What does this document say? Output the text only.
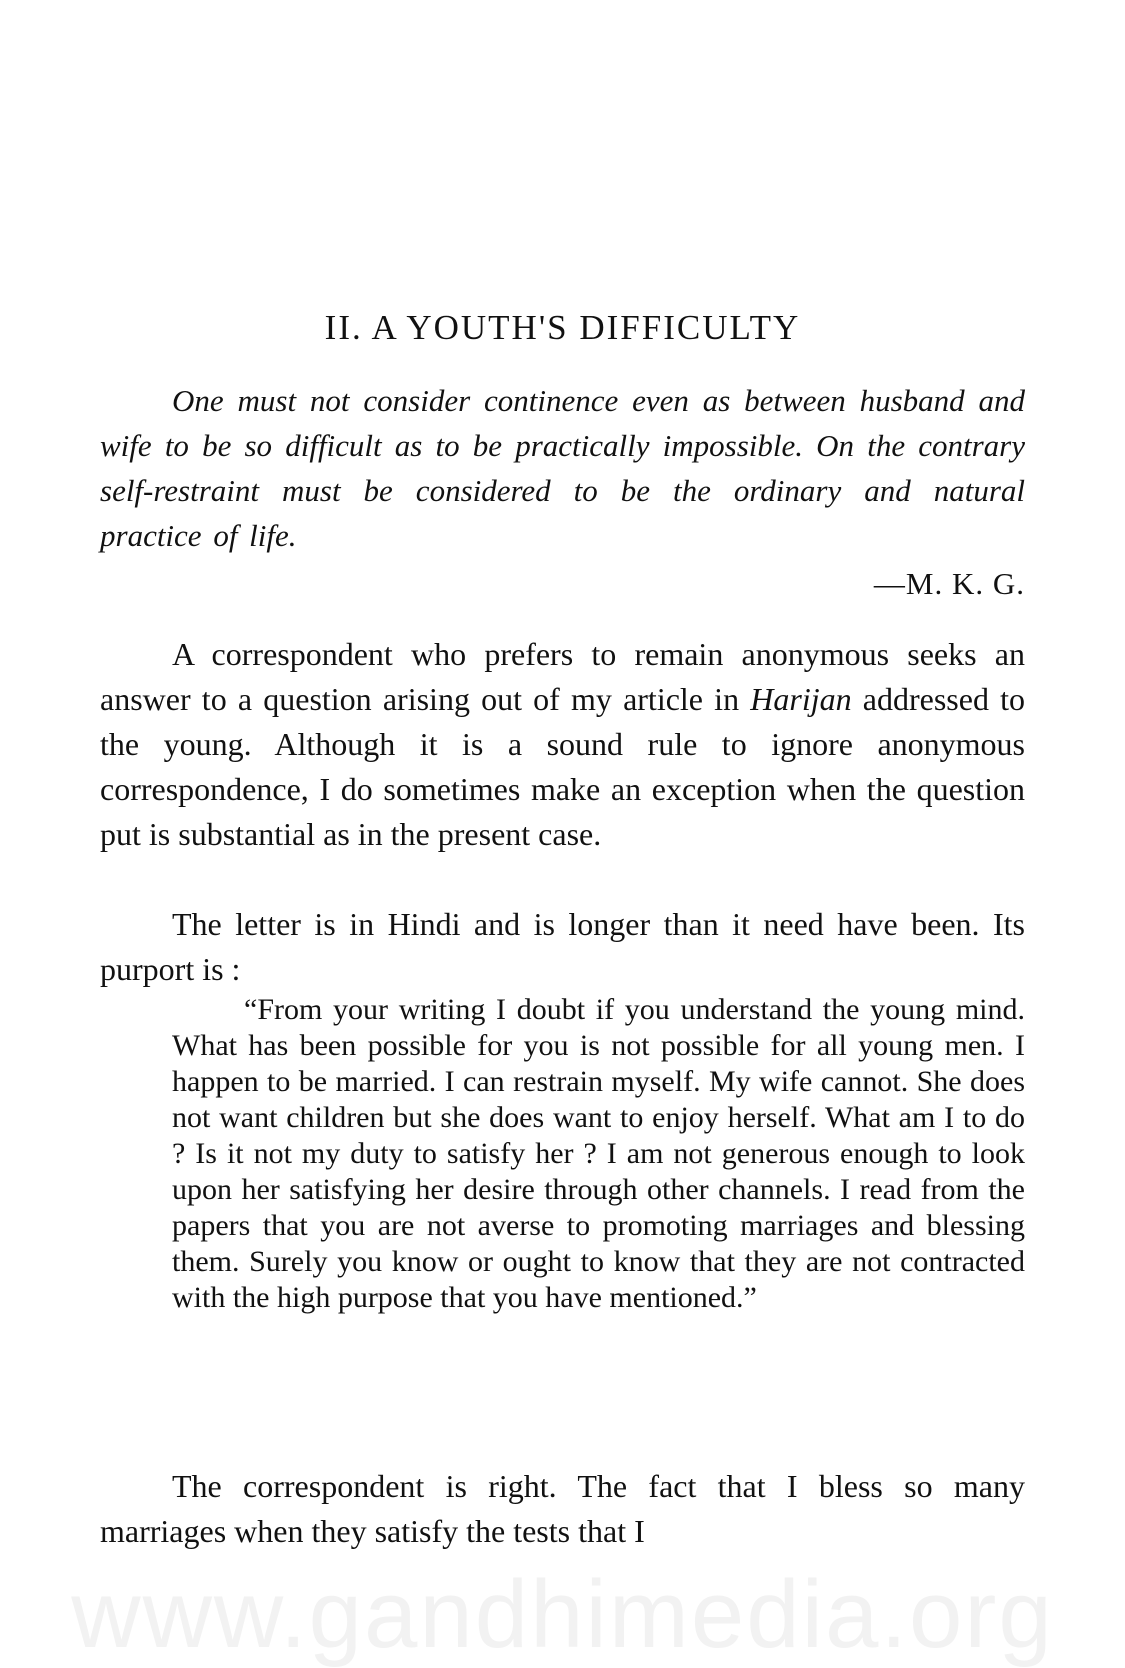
II. A YOUTH'S DIFFICULTY

One must not consider continence even as between husband and wife to be so difficult as to be practically impossible. On the contrary self-restraint must be considered to be the ordinary and natural practice of life.

—M. K. G.

A correspondent who prefers to remain anonymous seeks an answer to a question arising out of my article in Harijan addressed to the young. Although it is a sound rule to ignore anonymous correspondence, I do sometimes make an exception when the question put is substantial as in the present case.

The letter is in Hindi and is longer than it need have been. Its purport is :

“From your writing I doubt if you understand the young mind. What has been possible for you is not possible for all young men. I happen to be married. I can restrain myself. My wife cannot. She does not want children but she does want to enjoy herself. What am I to do ? Is it not my duty to satisfy her ? I am not generous enough to look upon her satisfying her desire through other channels. I read from the papers that you are not averse to promoting marriages and blessing them. Surely you know or ought to know that they are not contracted with the high purpose that you have mentioned.”

The correspondent is right. The fact that I bless so many marriages when they satisfy the tests that I

www.gandhimedia.org
